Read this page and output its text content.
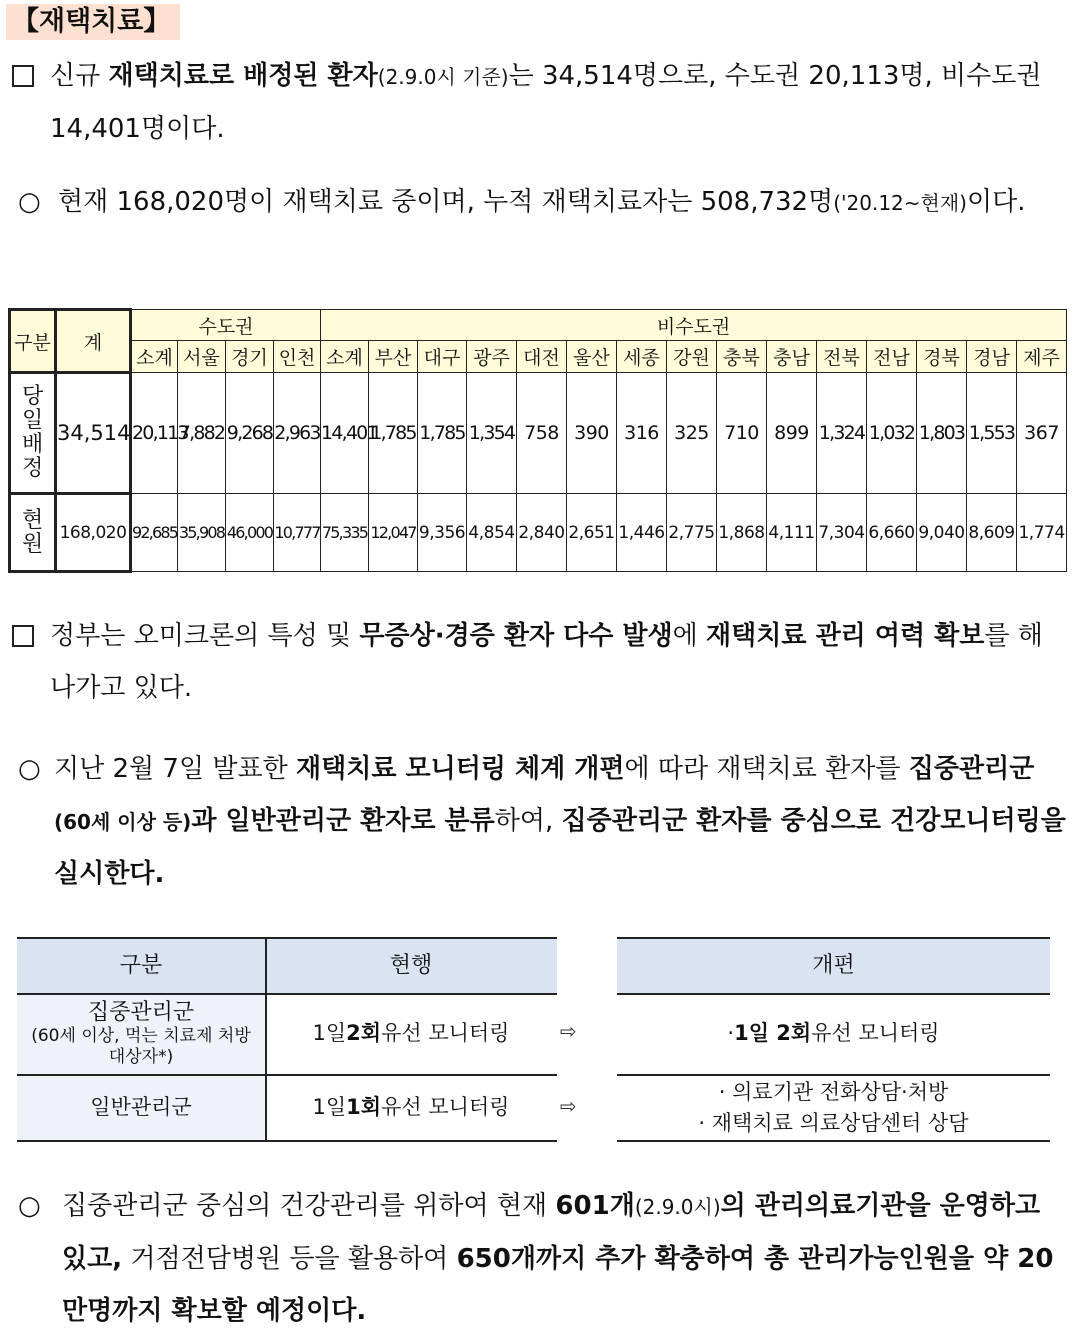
【재택치료】
신규 재택치료로 배정된 환자(2.9.0시 기준)는 34,514명으로, 수도권 20,113명, 비수도권 14,401명이다.
○ 현재 168,020명이 재택치료 중이며, 누적 재택치료자는 508,732명('20.12~현재)이다.
구분	계	수도권				비수도권														
		소계	서울	경기	인천	소계	부산	대구	광주	대전	울산	세종	강원	충북	충남	전북	전남	경북	경남	제주
당일배정	34,514	20,113	7,882	9,268	2,963	14,401	1,785	1,785	1,354	758	390	316	325	710	899	1,324	1,032	1,803	1,553	367
현원	168,020	92,685	35,908	46,000	10,777	75,335	12,047	9,356	4,854	2,840	2,651	1,446	2,775	1,868	4,111	7,304	6,660	9,040	8,609	1,774
정부는 오미크론의 특성 및 무증상·경증 환자 다수 발생에 재택치료 관리 여력 확보를 해나가고 있다.
○ 지난 2월 7일 발표한 재택치료 모니터링 체계 개편에 따라 재택치료 환자를 집중관리군(60세 이상 등)과 일반관리군 환자로 분류하여, 집중관리군 환자를 중심으로 건강모니터링을 실시한다.
구분	현행	개편
집중관리군
(60세 이상, 먹는 치료제 처방 대상자*)
1일 2회 유선 모니터링	⇨	· 1일 2회 유선 모니터링
일반관리군	1일 1회 유선 모니터링	⇨
· 의료기관 전화상담·처방
· 재택치료 의료상담센터 상담
○ 집중관리군 중심의 건강관리를 위하여 현재 601개(2.9.0시)의 관리의료기관을 운영하고 있고, 거점전담병원 등을 활용하여 650개까지 추가 확충하여 총 관리가능인원을 약 20만명까지 확보할 예정이다.
